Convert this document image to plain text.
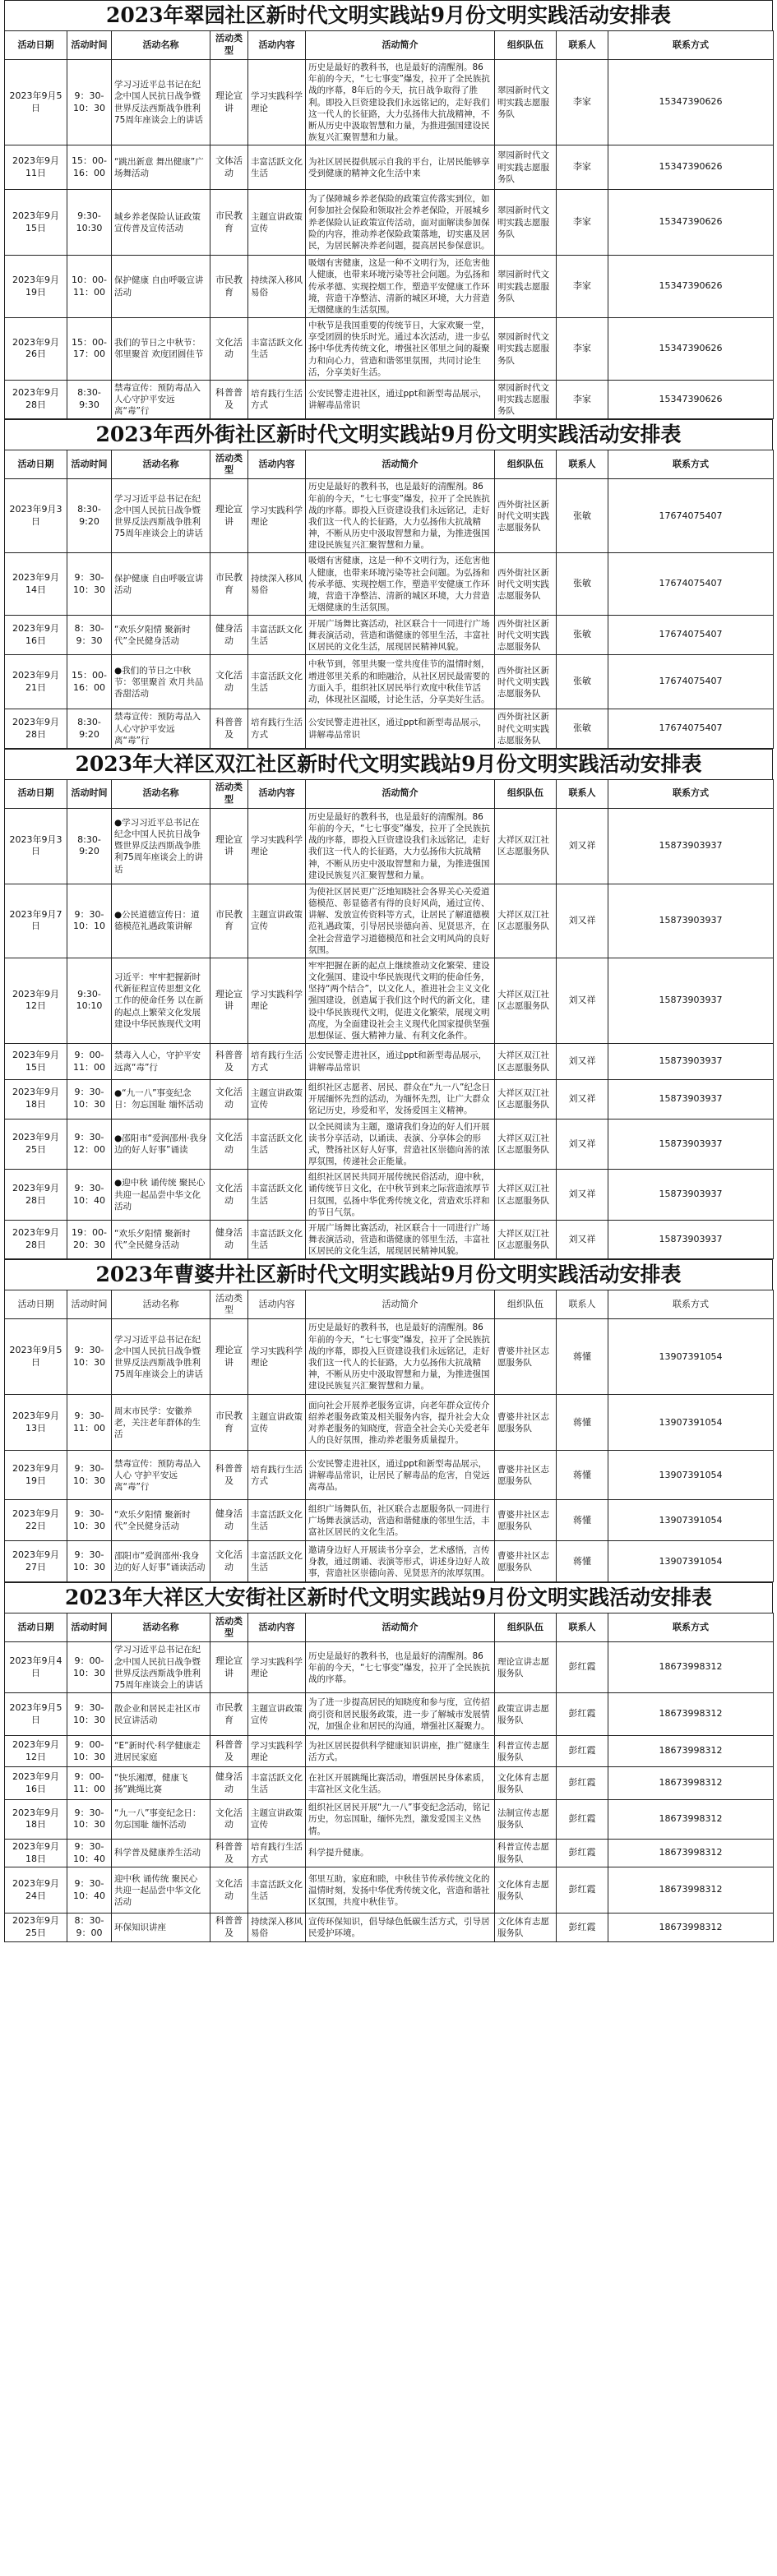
2023年翠园社区新时代文明实践站9月份文明实践活动安排表
活动日期	活动时间	活动名称	活动类型	活动内容	活动简介	组织队伍	联系人	联系方式
2023年9月5日	9：30-10：30	学习习近平总书记在纪念中国人民抗日战争暨世界反法西斯战争胜利75周年座谈会上的讲话	理论宣讲	学习实践科学理论	历史是最好的教科书，也是最好的清醒剂。86年前的今天，“七七事变”爆发，拉开了全民族抗战的序幕，8年后的今天，抗日战争取得了胜利。即投入巨资建设我们永远铭记的，走好我们这一代人的长征路，大力弘扬伟大抗战精神，不断从历史中汲取智慧和力量，为推进强国建设民族复兴汇聚智慧和力量。	翠园新时代文明实践志愿服务队	李家	15347390626
2023年9月11日	15：00-16：00	“跳出新意 舞出健康”广场舞活动	文体活动	丰富活跃文化生活	为社区居民提供展示自我的平台，让居民能够享受到健康的精神文化生活中来	翠园新时代文明实践志愿服务队	李家	15347390626
2023年9月15日	9:30-10:30	城乡养老保险认证政策宣传普及宣传活动	市民教育	主题宣讲政策宣传	为了保障城乡养老保险的政策宣传落实到位，如何参加社会保险和领取社会养老保险，开展城乡养老保险认证政策宣传活动，面对面解读参加保险的内容，推动养老保险政策落地，切实惠及居民，为居民解决养老问题，提高居民参保意识。	翠园新时代文明实践志愿服务队	李家	15347390626
2023年9月19日	10：00-11：00	保护健康 自由呼吸宣讲活动	市民教育	持续深入移风易俗	吸烟有害健康，这是一种不文明行为，还危害他人健康，也带来环境污染等社会问题。为弘扬和传承孝德、实现控烟工作，塑造平安健康工作环境，营造干净整洁、清新的城区环境，大力营造无烟健康的生活氛围。	翠园新时代文明实践志愿服务队	李家	15347390626
2023年9月26日	15：00-17：00	我们的节日之中秋节：邻里聚首 欢度团圆佳节	文化活动	丰富活跃文化生活	中秋节是我国重要的传统节日，大家欢聚一堂，享受团圆的快乐时光。通过本次活动，进一步弘扬中华优秀传统文化，增强社区邻里之间的凝聚力和向心力，营造和谐邻里氛围，共同讨论生活，分享美好生活。	翠园新时代文明实践志愿服务队	李家	15347390626
2023年9月28日	8:30-9:30	禁毒宣传：预防毒品入人心守护平安远离“毒”行	科普普及	培育践行生活方式	公安民警走进社区，通过ppt和新型毒品展示，讲解毒品常识	翠园新时代文明实践志愿服务队	李家	15347390626
2023年西外街社区新时代文明实践站9月份文明实践活动安排表
活动日期	活动时间	活动名称	活动类型	活动内容	活动简介	组织队伍	联系人	联系方式
2023年9月3日	8:30-9:20	学习习近平总书记在纪念中国人民抗日战争暨世界反法西斯战争胜利75周年座谈会上的讲话	理论宣讲	学习实践科学理论	历史是最好的教科书，也是最好的清醒剂。86年前的今天，“七七事变”爆发，拉开了全民族抗战的序幕。即投入巨资建设我们永远铭记，走好我们这一代人的长征路，大力弘扬伟大抗战精神，不断从历史中汲取智慧和力量，为推进强国建设民族复兴汇聚智慧和力量。	西外街社区新时代文明实践志愿服务队	张敏	17674075407
2023年9月14日	9：30-10：30	保护健康 自由呼吸宣讲活动	市民教育	持续深入移风易俗	吸烟有害健康，这是一种不文明行为，还危害他人健康，也带来环境污染等社会问题。为弘扬和传承孝德、实现控烟工作，塑造平安健康工作环境，营造干净整洁、清新的城区环境，大力营造无烟健康的生活氛围。	西外街社区新时代文明实践志愿服务队	张敏	17674075407
2023年9月16日	8：30-9：30	“欢乐夕阳情 聚新时代”全民健身活动	健身活动	丰富活跃文化生活	开展广场舞比赛活动，社区联合十一同进行广场舞表演活动，营造和谐健康的邻里生活，丰富社区居民的文化生活，展现居民精神风貌。	西外街社区新时代文明实践志愿服务队	张敏	17674075407
2023年9月21日	15：00-16：00	●我们的节日之中秋节：邻里聚首 欢月共品香甜活动	文化活动	丰富活跃文化生活	中秋节到，邻里共聚一堂共度佳节的温情时刻，增进邻里关系的和睦融洽，从社区居民最需要的方面入手，组织社区居民举行欢度中秋佳节活动，体现社区温暖，讨论生活，分享美好生活。	西外街社区新时代文明实践志愿服务队	张敏	17674075407
2023年9月28日	8:30-9:20	禁毒宣传：预防毒品入人心守护平安远离“毒”行	科普普及	培育践行生活方式	公安民警走进社区，通过ppt和新型毒品展示，讲解毒品常识	西外街社区新时代文明实践志愿服务队	张敏	17674075407
2023年大祥区双江社区新时代文明实践站9月份文明实践活动安排表
活动日期	活动时间	活动名称	活动类型	活动内容	活动简介	组织队伍	联系人	联系方式
2023年9月3日	8:30-9:20	●学习习近平总书记在纪念中国人民抗日战争暨世界反法西斯战争胜利75周年座谈会上的讲话	理论宣讲	学习实践科学理论	历史是最好的教科书，也是最好的清醒剂。86年前的今天，“七七事变”爆发，拉开了全民族抗战的序幕，即投入巨资建设我们永远铭记，走好我们这一代人的长征路，大力弘扬伟大抗战精神，不断从历史中汲取智慧和力量，为推进强国建设民族复兴汇聚智慧和力量。	大祥区双江社区志愿服务队	刘又祥	15873903937
2023年9月7日	9：30-10：10	●公民道德宣传日：道德模范礼遇政策讲解	市民教育	主题宣讲政策宣传	为使社区居民更广泛地知晓社会各界关心关爱道德模范、彰显德者有得的良好风尚，通过宣传、讲解、发放宣传资料等方式，让居民了解道德模范礼遇政策，引导居民崇德向善、见贤思齐，在全社会营造学习道德模范和社会文明风尚的良好氛围。	大祥区双江社区志愿服务队	刘又祥	15873903937
2023年9月12日	9:30-10:10	习近平：牢牢把握新时代新征程宣传思想文化工作的使命任务 以在新的起点上繁荣文化发展建设中华民族现代文明	理论宣讲	学习实践科学理论	牢牢把握在新的起点上继续推动文化繁荣、建设文化强国、建设中华民族现代文明的使命任务，坚持“两个结合”，以文化人，推进社会主义文化强国建设，创造属于我们这个时代的新文化，建设中华民族现代文明，促进文化繁荣，展现文明高度，为全面建设社会主义现代化国家提供坚强思想保证、强大精神力量、有利文化条件。	大祥区双江社区志愿服务队	刘又祥	15873903937
2023年9月15日	9：00-11：00	禁毒入人心，守护平安远离“毒”行	科普普及	培育践行生活方式	公安民警走进社区，通过ppt和新型毒品展示，讲解毒品常识	大祥区双江社区志愿服务队	刘又祥	15873903937
2023年9月18日	9：30-10：30	●“九一八”事变纪念日：勿忘国耻 缅怀活动	文化活动	主题宣讲政策宣传	组织社区志愿者、居民、群众在“九一八”纪念日开展缅怀先烈的活动，为缅怀先烈，让广大群众铭记历史，珍爱和平，发扬爱国主义精神。	大祥区双江社区志愿服务队	刘又祥	15873903937
2023年9月25日	9：30-12：00	●邵阳市“爱润邵州·我身边的好人好事”诵读	文化活动	丰富活跃文化生活	以全民阅读为主题，邀请我们身边的好人们开展读书分享活动，以诵读、表演、分享体会的形式，赞扬社区好人好事，营造社区崇德向善的浓厚氛围，传递社会正能量。	大祥区双江社区志愿服务队	刘又祥	15873903937
2023年9月28日	9：30-10：40	●迎中秋 诵传统 聚民心 共迎一起品尝中华文化活动	文化活动	丰富活跃文化生活	组织社区居民共同开展传统民俗活动，迎中秋，诵传统节日文化，在中秋节到来之际营造浓厚节日氛围，弘扬中华优秀传统文化，营造欢乐祥和的节日气氛。	大祥区双江社区志愿服务队	刘又祥	15873903937
2023年9月28日	19：00-20：30	“欢乐夕阳情 聚新时代”全民健身活动	健身活动	丰富活跃文化生活	开展广场舞比赛活动，社区联合十一同进行广场舞表演活动，营造和谐健康的邻里生活，丰富社区居民的文化生活，展现居民精神风貌。	大祥区双江社区志愿服务队	刘又祥	15873903937
2023年曹婆井社区新时代文明实践站9月份文明实践活动安排表
活动日期	活动时间	活动名称	活动类型	活动内容	活动简介	组织队伍	联系人	联系方式
2023年9月5日	9：30-10：30	学习习近平总书记在纪念中国人民抗日战争暨世界反法西斯战争胜利75周年座谈会上的讲话	理论宣讲	学习实践科学理论	历史是最好的教科书，也是最好的清醒剂。86年前的今天，“七七事变”爆发，拉开了全民族抗战的序幕，即投入巨资建设我们永远铭记，走好我们这一代人的长征路，大力弘扬伟大抗战精神，不断从历史中汲取智慧和力量，为推进强国建设民族复兴汇聚智慧和力量。	曹婆井社区志愿服务队	蒋懂	13907391054
2023年9月13日	9：30-11：00	周末市民学：安徽养老，关注老年群体的生活	市民教育	主题宣讲政策宣传	面向社会开展养老服务宣讲，向老年群众宣传介绍养老服务政策及相关服务内容，提升社会大众对养老服务的知晓度，营造全社会关心关爱老年人的良好氛围，推动养老服务质量提升。	曹婆井社区志愿服务队	蒋懂	13907391054
2023年9月19日	9：30-10：30	禁毒宣传：预防毒品入人心 守护平安远离“毒”行	科普普及	培育践行生活方式	公安民警走进社区，通过ppt和新型毒品展示，讲解毒品常识，让居民了解毒品的危害，自觉远离毒品。	曹婆井社区志愿服务队	蒋懂	13907391054
2023年9月22日	9：30-10：30	“欢乐夕阳情 聚新时代”全民健身活动	健身活动	丰富活跃文化生活	组织广场舞队伍，社区联合志愿服务队一同进行广场舞表演活动，营造和谐健康的邻里生活，丰富社区居民的文化生活。	曹婆井社区志愿服务队	蒋懂	13907391054
2023年9月27日	9：30-10：30	邵阳市“爱润邵州·我身边的好人好事”诵读活动	文化活动	丰富活跃文化生活	邀请身边好人开展读书分享会，艺术感悟，言传身教，通过朗诵、表演等形式，讲述身边好人故事，营造社区崇德向善、见贤思齐的浓厚氛围。	曹婆井社区志愿服务队	蒋懂	13907391054
2023年大祥区大安街社区新时代文明实践站9月份文明实践活动安排表
活动日期	活动时间	活动名称	活动类型	活动内容	活动简介	组织队伍	联系人	联系方式
2023年9月4日	9：00-10：30	学习习近平总书记在纪念中国人民抗日战争暨世界反法西斯战争胜利75周年座谈会上的讲话	理论宣讲	学习实践科学理论	历史是最好的教科书，也是最好的清醒剂。86年前的今天，“七七事变”爆发，拉开了全民族抗战的序幕。	理论宣讲志愿服务队	彭红霞	18673998312
2023年9月5日	9：30-10：30	散企业和居民走社区市民宣讲活动	市民教育	主题宣讲政策宣传	为了进一步提高居民的知晓度和参与度，宣传招商引资和居民服务政策，进一步了解城市发展情况，加强企业和居民的沟通，增强社区凝聚力。	政策宣讲志愿服务队	彭红霞	18673998312
2023年9月12日	9：00-10：30	“E”新时代·科学健康走进居民家庭	科普普及	学习实践科学理论	为社区居民提供科学健康知识讲座，推广健康生活方式。	科普宣传志愿服务队	彭红霞	18673998312
2023年9月16日	9：00-11：00	“快乐湘潭，健康飞扬”跳绳比赛	健身活动	丰富活跃文化生活	在社区开展跳绳比赛活动，增强居民身体素质，丰富社区文化生活。	文化体育志愿服务队	彭红霞	18673998312
2023年9月18日	9：30-10：30	“九一八”事变纪念日：勿忘国耻 缅怀活动	文化活动	主题宣讲政策宣传	组织社区居民开展“九一八”事变纪念活动，铭记历史，勿忘国耻，缅怀先烈，激发爱国主义热情。	法制宣传志愿服务队	彭红霞	18673998312
2023年9月18日	9：30-10：40	科学普及健康养生活动	科普普及	培育践行生活方式	科学提升健康。	科普宣传志愿服务队	彭红霞	18673998312
2023年9月24日	9：30-10：40	迎中秋 诵传统 聚民心 共迎一起品尝中华文化活动	文化活动	丰富活跃文化生活	邻里互助，家庭和睦，中秋佳节传承传统文化的温情时刻，发扬中华优秀传统文化，营造和谐社区氛围，共度中秋佳节。	文化体育志愿服务队	彭红霞	18673998312
2023年9月25日	8：30-9：00	环保知识讲座	科普普及	持续深入移风易俗	宣传环保知识，倡导绿色低碳生活方式，引导居民爱护环境。	文化体育志愿服务队	彭红霞	18673998312
